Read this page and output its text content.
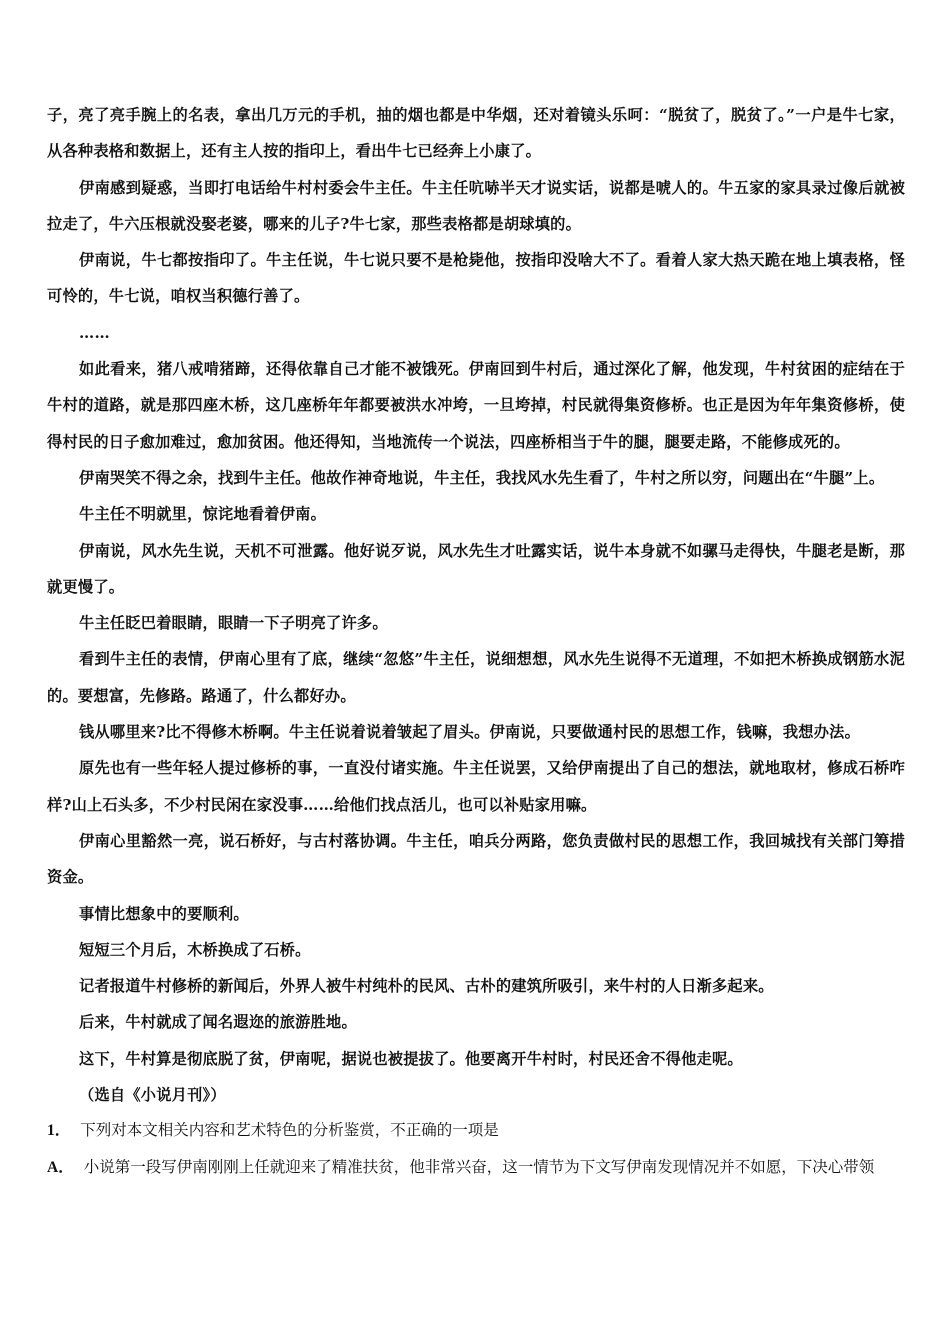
子，亮了亮手腕上的名表，拿出几万元的手机，抽的烟也都是中华烟，还对着镜头乐呵：“脱贫了，脱贫了。”一户是牛七家，从各种表格和数据上，还有主人按的指印上，看出牛七已经奔上小康了。

伊南感到疑惑，当即打电话给牛村村委会牛主任。牛主任吭哧半天才说实话，说都是唬人的。牛五家的家具录过像后就被拉走了，牛六压根就没娶老婆，哪来的儿子?牛七家，那些表格都是胡球填的。

伊南说，牛七都按指印了。牛主任说，牛七说只要不是枪毙他，按指印没啥大不了。看着人家大热天跪在地上填表格，怪可怜的，牛七说，咱权当积德行善了。

……

如此看来，猪八戒啃猪蹄，还得依靠自己才能不被饿死。伊南回到牛村后，通过深化了解，他发现，牛村贫困的症结在于牛村的道路，就是那四座木桥，这几座桥年年都要被洪水冲垮，一旦垮掉，村民就得集资修桥。也正是因为年年集资修桥，使得村民的日子愈加难过，愈加贫困。他还得知，当地流传一个说法，四座桥相当于牛的腿，腿要走路，不能修成死的。

伊南哭笑不得之余，找到牛主任。他故作神奇地说，牛主任，我找风水先生看了，牛村之所以穷，问题出在“牛腿”上。

牛主任不明就里，惊诧地看着伊南。

伊南说，风水先生说，天机不可泄露。他好说歹说，风水先生才吐露实话，说牛本身就不如骡马走得快，牛腿老是断，那就更慢了。

牛主任眨巴着眼睛，眼睛一下子明亮了许多。

看到牛主任的表情，伊南心里有了底，继续“忽悠”牛主任，说细想想，风水先生说得不无道理，不如把木桥换成钢筋水泥的。要想富，先修路。路通了，什么都好办。

钱从哪里来?比不得修木桥啊。牛主任说着说着皱起了眉头。伊南说，只要做通村民的思想工作，钱嘛，我想办法。

原先也有一些年轻人提过修桥的事，一直没付诸实施。牛主任说罢，又给伊南提出了自己的想法，就地取材，修成石桥咋样?山上石头多，不少村民闲在家没事……给他们找点活儿，也可以补贴家用嘛。

伊南心里豁然一亮，说石桥好，与古村落协调。牛主任，咱兵分两路，您负责做村民的思想工作，我回城找有关部门筹措资金。

事情比想象中的要顺利。

短短三个月后，木桥换成了石桥。

记者报道牛村修桥的新闻后，外界人被牛村纯朴的民风、古朴的建筑所吸引，来牛村的人日渐多起来。

后来，牛村就成了闻名遐迩的旅游胜地。

这下，牛村算是彻底脱了贫，伊南呢，据说也被提拔了。他要离开牛村时，村民还舍不得他走呢。

（选自《小说月刊》）

1． 下列对本文相关内容和艺术特色的分析鉴赏，不正确的一项是

A． 小说第一段写伊南刚刚上任就迎来了精准扶贫，他非常兴奋，这一情节为下文写伊南发现情况并不如愿，下决心带领
